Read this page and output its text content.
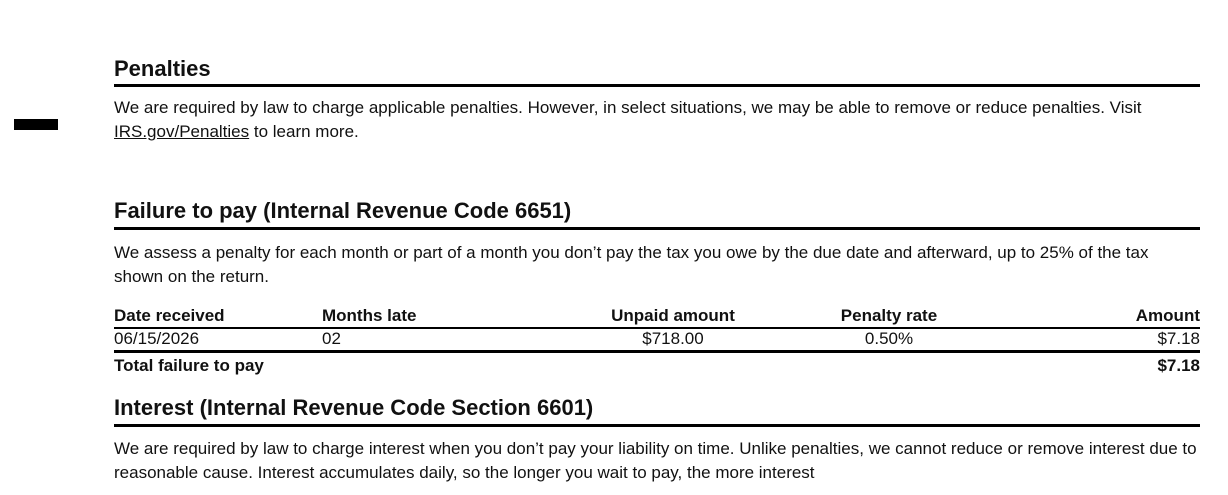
Penalties

We are required by law to charge applicable penalties. However, in select situations, we may be able to remove or reduce penalties. Visit IRS.gov/Penalties to learn more.

Failure to pay (Internal Revenue Code 6651)

We assess a penalty for each month or part of a month you don’t pay the tax you owe by the due date and afterward, up to 25% of the tax shown on the return.

Date received	Months late	Unpaid amount	Penalty rate	Amount
06/15/2026	02	$718.00	0.50%	$7.18
Total failure to pay	$7.18
Interest (Internal Revenue Code Section 6601)

We are required by law to charge interest when you don’t pay your liability on time. Unlike penalties, we cannot reduce or remove interest due to reasonable cause. Interest accumulates daily, so the longer you wait to pay, the more interest
